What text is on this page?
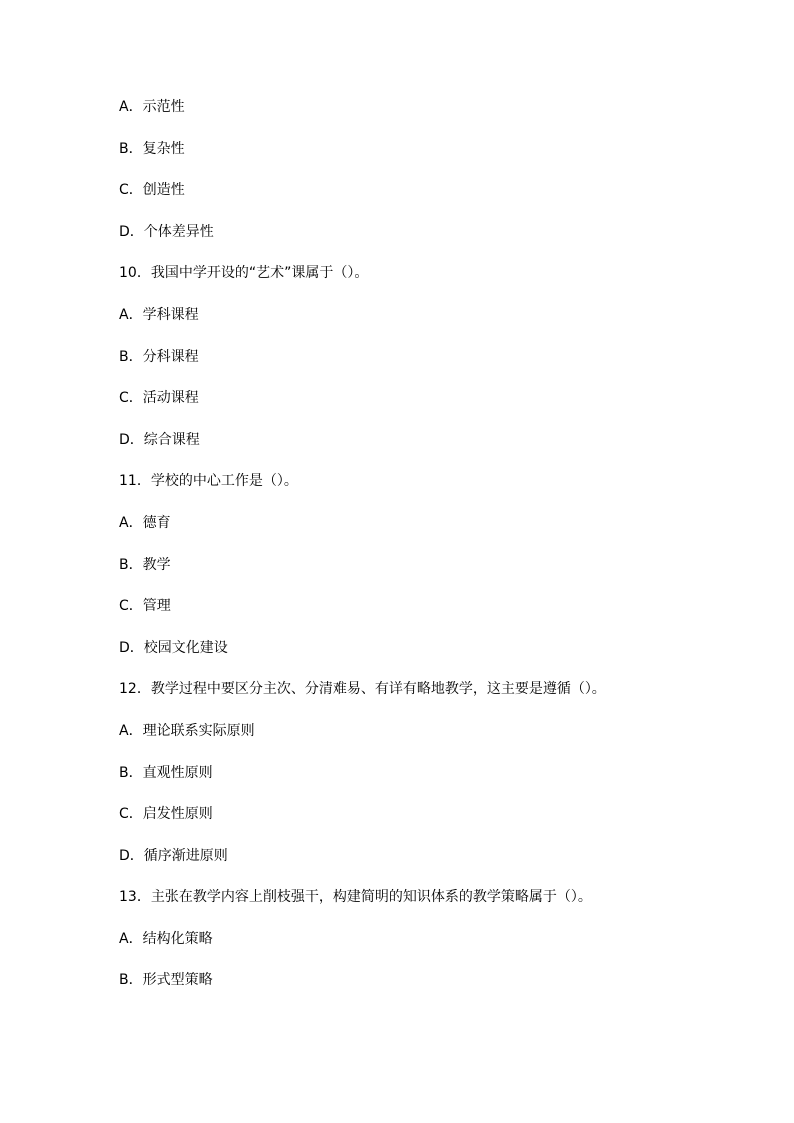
A．示范性
B．复杂性
C．创造性
D．个体差异性
10．我国中学开设的“艺术”课属于（）。
A．学科课程
B．分科课程
C．活动课程
D．综合课程
11．学校的中心工作是（）。
A．德育
B．教学
C．管理
D．校园文化建设
12．教学过程中要区分主次、分清难易、有详有略地教学，这主要是遵循（）。
A．理论联系实际原则
B．直观性原则
C．启发性原则
D．循序渐进原则
13．主张在教学内容上削枝强干，构建简明的知识体系的教学策略属于（）。
A．结构化策略
B．形式型策略
